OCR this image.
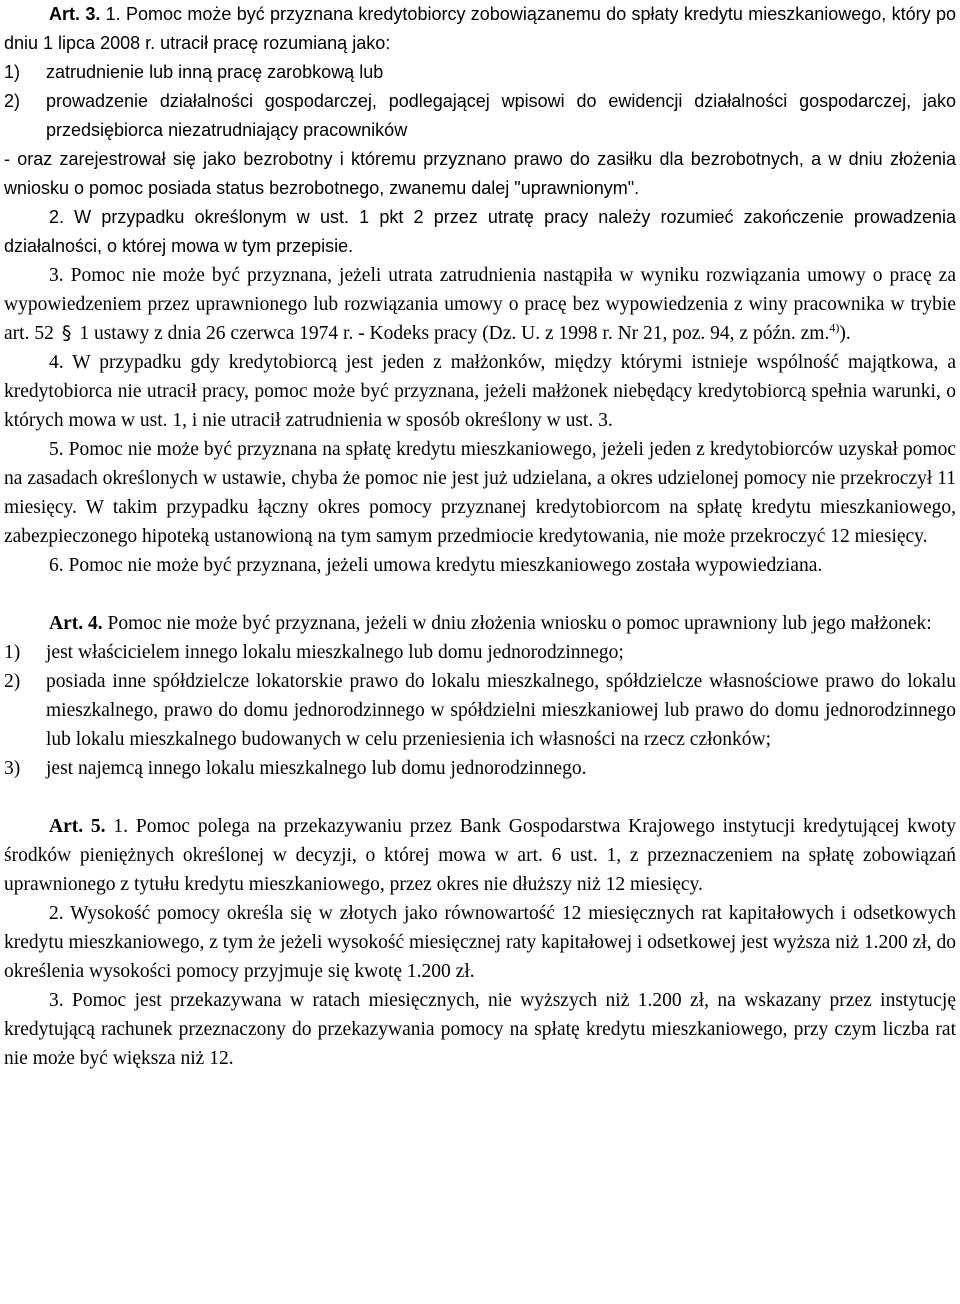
Art. 3. 1. Pomoc może być przyznana kredytobiorcy zobowiązanemu do spłaty kredytu mieszkaniowego, który po dniu 1 lipca 2008 r. utracił pracę rozumianą jako:

1)	zatrudnienie lub inną pracę zarobkową lub
2)	prowadzenie działalności gospodarczej, podlegającej wpisowi do ewidencji działalności gospodarczej, jako przedsiębiorca niezatrudniający pracowników

- oraz zarejestrował się jako bezrobotny i któremu przyznano prawo do zasiłku dla bezrobotnych, a w dniu złożenia wniosku o pomoc posiada status bezrobotnego, zwanemu dalej "uprawnionym".

2. W przypadku określonym w ust. 1 pkt 2 przez utratę pracy należy rozumieć zakończenie prowadzenia działalności, o której mowa w tym przepisie.

3. Pomoc nie może być przyznana, jeżeli utrata zatrudnienia nastąpiła w wyniku rozwiązania umowy o pracę za wypowiedzeniem przez uprawnionego lub rozwiązania umowy o pracę bez wypowiedzenia z winy pracownika w trybie art. 52 § 1 ustawy z dnia 26 czerwca 1974 r. - Kodeks pracy (Dz. U. z 1998 r. Nr 21, poz. 94, z późn. zm.$^{4)}$).

4. W przypadku gdy kredytobiorcą jest jeden z małżonków, między którymi istnieje wspólność majątkowa, a kredytobiorca nie utracił pracy, pomoc może być przyznana, jeżeli małżonek niebędący kredytobiorcą spełnia warunki, o których mowa w ust. 1, i nie utracił zatrudnienia w sposób określony w ust. 3.

5. Pomoc nie może być przyznana na spłatę kredytu mieszkaniowego, jeżeli jeden z kredytobiorców uzyskał pomoc na zasadach określonych w ustawie, chyba że pomoc nie jest już udzielana, a okres udzielonej pomocy nie przekroczył 11 miesięcy. W takim przypadku łączny okres pomocy przyznanej kredytobiorcom na spłatę kredytu mieszkaniowego, zabezpieczonego hipoteką ustanowioną na tym samym przedmiocie kredytowania, nie może przekroczyć 12 miesięcy.

6. Pomoc nie może być przyznana, jeżeli umowa kredytu mieszkaniowego została wypowiedziana.

Art. 4. Pomoc nie może być przyznana, jeżeli w dniu złożenia wniosku o pomoc uprawniony lub jego małżonek:

1)	jest właścicielem innego lokalu mieszkalnego lub domu jednorodzinnego;
2)	posiada inne spółdzielcze lokatorskie prawo do lokalu mieszkalnego, spółdzielcze własnościowe prawo do lokalu mieszkalnego, prawo do domu jednorodzinnego w spółdzielni mieszkaniowej lub prawo do domu jednorodzinnego lub lokalu mieszkalnego budowanych w celu przeniesienia ich własności na rzecz członków;
3)	jest najemcą innego lokalu mieszkalnego lub domu jednorodzinnego.

Art. 5. 1. Pomoc polega na przekazywaniu przez Bank Gospodarstwa Krajowego instytucji kredytującej kwoty środków pieniężnych określonej w decyzji, o której mowa w art. 6 ust. 1, z przeznaczeniem na spłatę zobowiązań uprawnionego z tytułu kredytu mieszkaniowego, przez okres nie dłuższy niż 12 miesięcy.

2. Wysokość pomocy określa się w złotych jako równowartość 12 miesięcznych rat kapitałowych i odsetkowych kredytu mieszkaniowego, z tym że jeżeli wysokość miesięcznej raty kapitałowej i odsetkowej jest wyższa niż 1.200 zł, do określenia wysokości pomocy przyjmuje się kwotę 1.200 zł.

3. Pomoc jest przekazywana w ratach miesięcznych, nie wyższych niż 1.200 zł, na wskazany przez instytucję kredytującą rachunek przeznaczony do przekazywania pomocy na spłatę kredytu mieszkaniowego, przy czym liczba rat nie może być większa niż 12.
